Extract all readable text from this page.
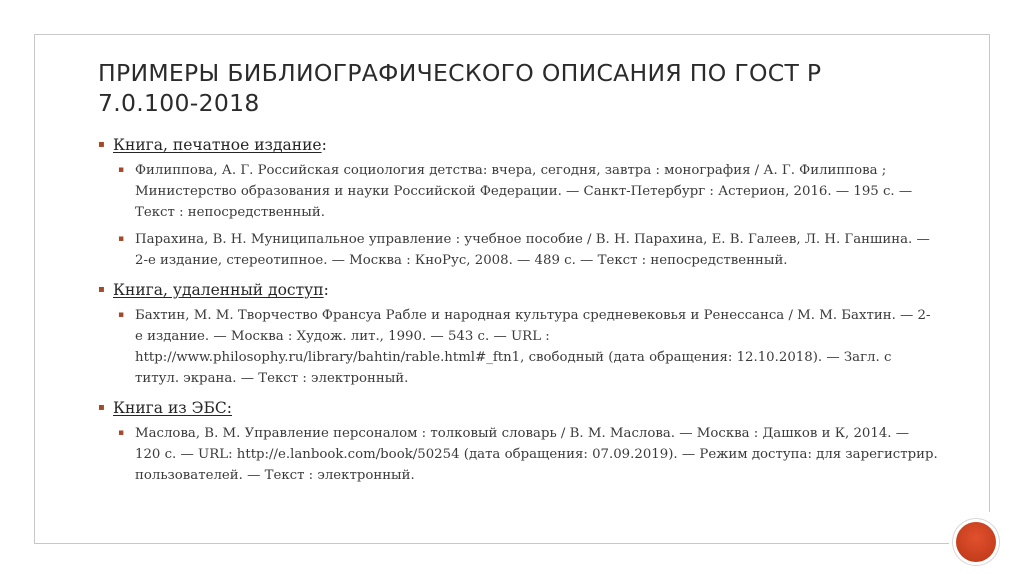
ПРИМЕРЫ БИБЛИОГРАФИЧЕСКОГО ОПИСАНИЯ ПО ГОСТ Р 7.0.100-2018
▪ Книга, печатное издание:
▪ Филиппова, А. Г. Российская социология детства: вчера, сегодня, завтра : монография / А. Г. Филиппова ; Министерство образования и науки Российской Федерации. — Санкт-Петербург : Астерион, 2016. — 195 с. — Текст : непосредственный.
▪ Парахина, В. Н. Муниципальное управление : учебное пособие / В. Н. Парахина, Е. В. Галеев, Л. Н. Ганшина. — 2-е издание, стереотипное. — Москва : КноРус, 2008. — 489 с. — Текст : непосредственный.
▪ Книга, удаленный доступ:
▪ Бахтин, М. М. Творчество Франсуа Рабле и народная культура средневековья и Ренессанса / М. М. Бахтин. — 2-е издание. — Москва : Худож. лит., 1990. — 543 с. — URL : http://www.philosophy.ru/library/bahtin/rable.html#_ftn1, свободный (дата обращения: 12.10.2018). — Загл. с титул. экрана. — Текст : электронный.
▪ Книга из ЭБС:
▪ Маслова, В. М. Управление персоналом : толковый словарь / В. М. Маслова. — Москва : Дашков и К, 2014. — 120 с. — URL: http://e.lanbook.com/book/50254 (дата обращения: 07.09.2019). — Режим доступа: для зарегистрир. пользователей. — Текст : электронный.
